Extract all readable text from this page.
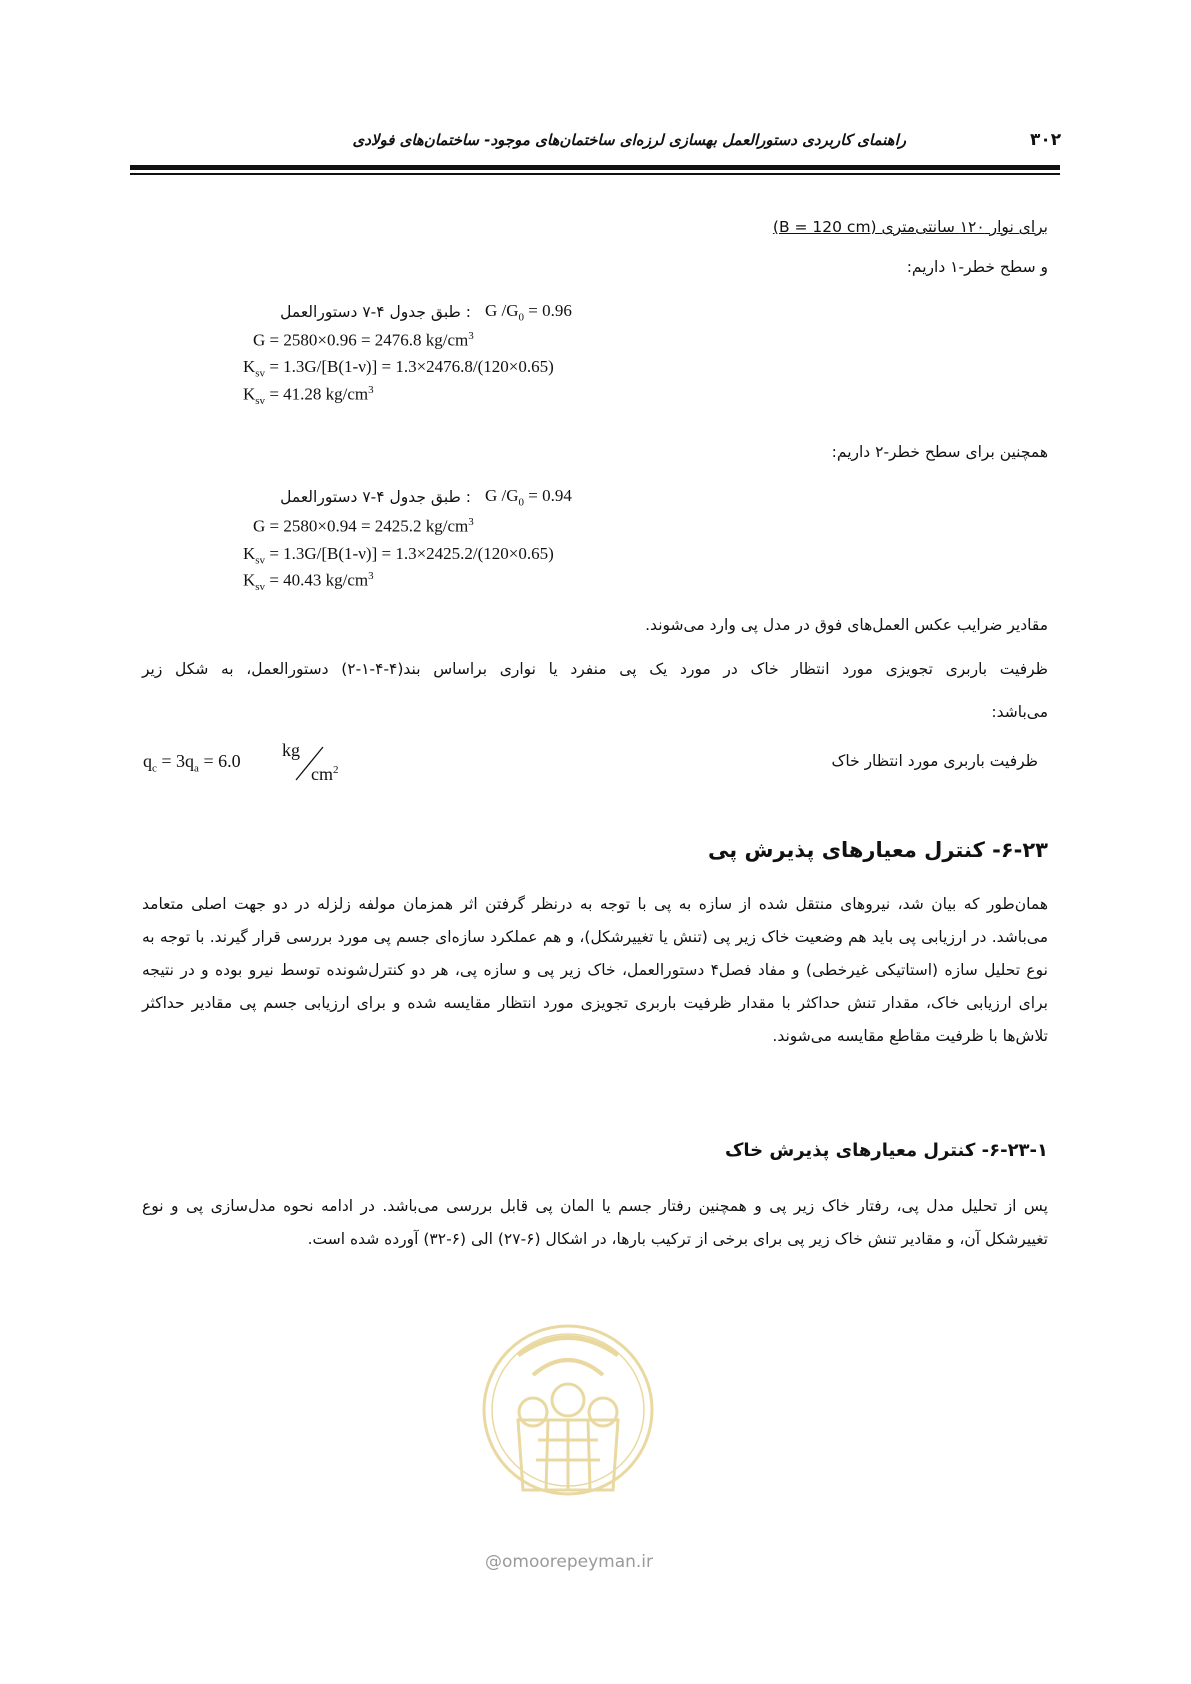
راهنمای کاربردی دستورالعمل بهسازی لرزه‌ای ساختمان‌های موجود- ساختمان‌های فولادی	۳۰۲
برای نوار ۱۲۰ سانتی‌متری (B = 120 cm)
و سطح خطر-۱ داریم:
: طبق جدول ۴-۷ دستورالعمل G $/G_0 = 0.96$
G = 2580×0.96 = 2476.8 $kg/cm^3$
$K_{sv} = 1.3G/[B(1-\nu)] = 1.3\times 2476.8/(120\times 0.65)$
$K_{sv} = 41.28$ $kg/cm^3$
همچنین برای سطح خطر-۲ داریم:
: طبق جدول ۴-۷ دستورالعمل G $/G_0 = 0.94$
G = 2580×0.94 = 2425.2 $kg/cm^3$
$K_{sv} = 1.3G/[B(1-\nu)] = 1.3\times 2425.2/(120\times 0.65)$
$K_{sv} = 40.43$ $kg/cm^3$
مقادیر ضرایب عکس العمل‌های فوق در مدل پی وارد می‌شوند.
ظرفیت باربری تجویزی مورد انتظار خاک در مورد یک پی منفرد یا نواری براساس بند(۴-۴-۱-۲) دستورالعمل، به شکل زیر
می‌باشد:
ظرفیت باربری مورد انتظار خاک
$q_c = 3q_a = 6.0$
kg
$cm^2$
۶-۲۳- کنترل معیارهای پذیرش پی

همان‌طور که بیان شد، نیروهای منتقل شده از سازه به پی با توجه به درنظر گرفتن اثر همزمان مولفه زلزله در دو جهت اصلی متعامد می‌باشد. در ارزیابی پی باید هم وضعیت خاک زیر پی (تنش یا تغییرشکل)، و هم عملکرد سازه‌ای جسم پی مورد بررسی قرار گیرند. با توجه به نوع تحلیل سازه (استاتیکی غیرخطی) و مفاد فصل۴ دستورالعمل، خاک زیر پی و سازه پی، هر دو کنترل‌شونده توسط نیرو بوده و در نتیجه برای ارزیابی خاک، مقدار تنش حداکثر با مقدار ظرفیت باربری تجویزی مورد انتظار مقایسه شده و برای ارزیابی جسم پی مقادیر حداکثر تلاش‌ها با ظرفیت مقاطع مقایسه می‌شوند.

۶-۲۳-۱- کنترل معیارهای پذیرش خاک

پس از تحلیل مدل پی، رفتار خاک زیر پی و همچنین رفتار جسم یا المان پی قابل بررسی می‌باشد. در ادامه نحوه مدل‌سازی پی و نوع تغییرشکل آن، و مقادیر تنش خاک زیر پی برای برخی از ترکیب بارها، در اشکال (۶-۲۷) الی (۶-۳۲) آورده شده است.

@omoorepeyman.ir
